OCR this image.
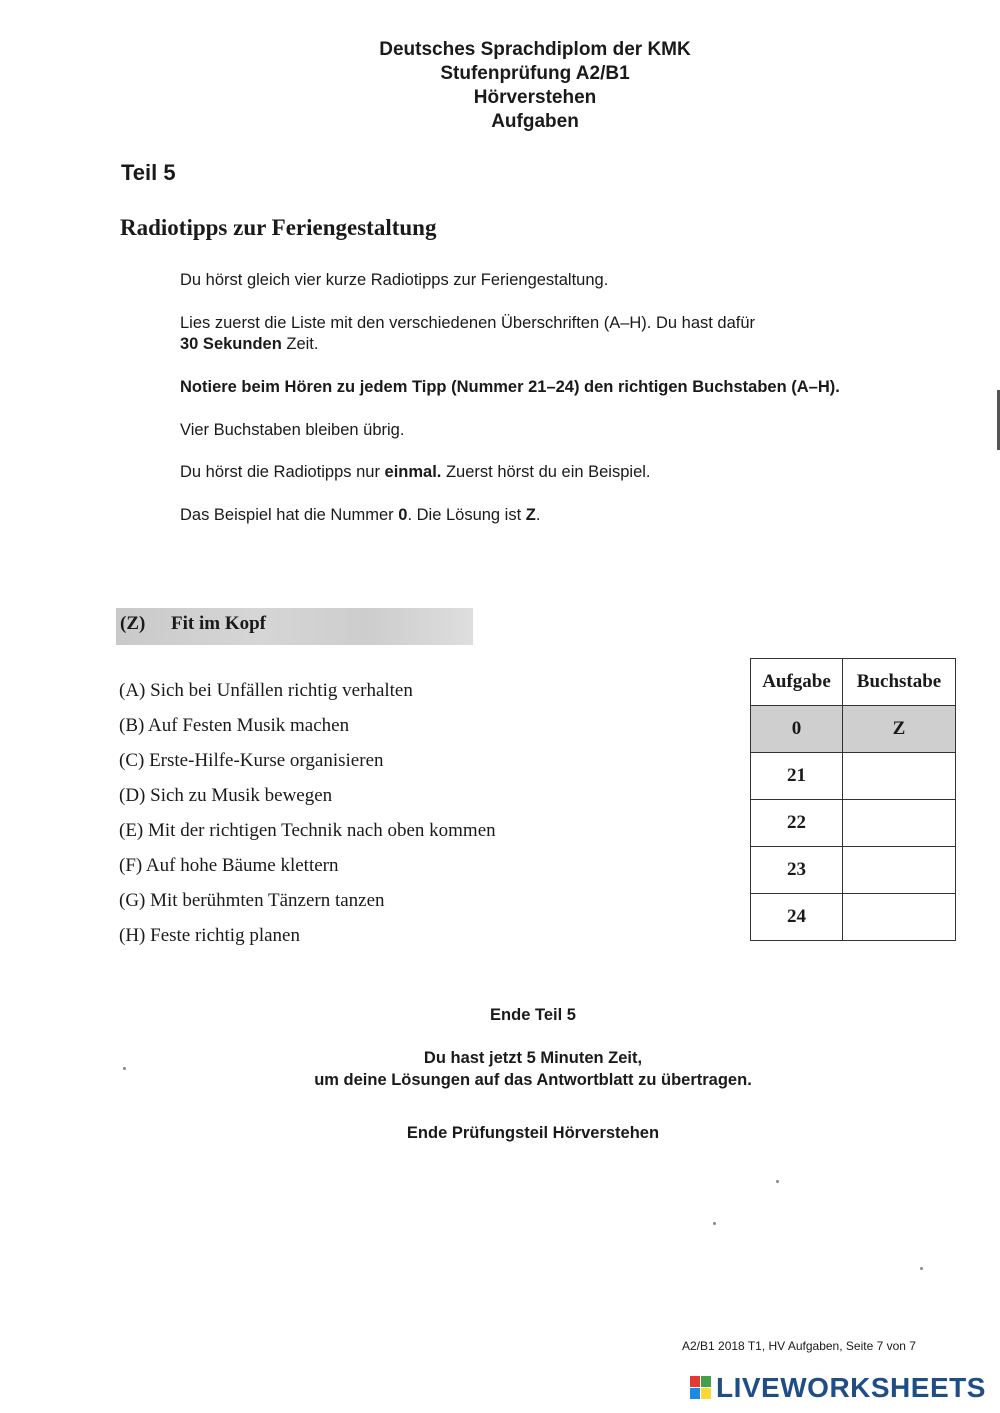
Deutsches Sprachdiplom der KMK
Stufenprüfung A2/B1
Hörverstehen
Aufgaben
Teil 5
Radiotipps zur Feriengestaltung
Du hörst gleich vier kurze Radiotipps zur Feriengestaltung.
Lies zuerst die Liste mit den verschiedenen Überschriften (A–H). Du hast dafür
30 Sekunden Zeit.
Notiere beim Hören zu jedem Tipp (Nummer 21–24) den richtigen Buchstaben (A–H).
Vier Buchstaben bleiben übrig.
Du hörst die Radiotipps nur einmal. Zuerst hörst du ein Beispiel.
Das Beispiel hat die Nummer 0. Die Lösung ist Z.
(Z) Fit im Kopf
(A) Sich bei Unfällen richtig verhalten
(B) Auf Festen Musik machen
(C) Erste-Hilfe-Kurse organisieren
(D) Sich zu Musik bewegen
(E) Mit der richtigen Technik nach oben kommen
(F) Auf hohe Bäume klettern
(G) Mit berühmten Tänzern tanzen
(H) Feste richtig planen
Aufgabe	Buchstabe
0	Z
21	
22	
23	
24	
Ende Teil 5
Du hast jetzt 5 Minuten Zeit,
um deine Lösungen auf das Antwortblatt zu übertragen.
Ende Prüfungsteil Hörverstehen
A2/B1 2018 T1, HV Aufgaben, Seite 7 von 7
LIVEWORKSHEETS
